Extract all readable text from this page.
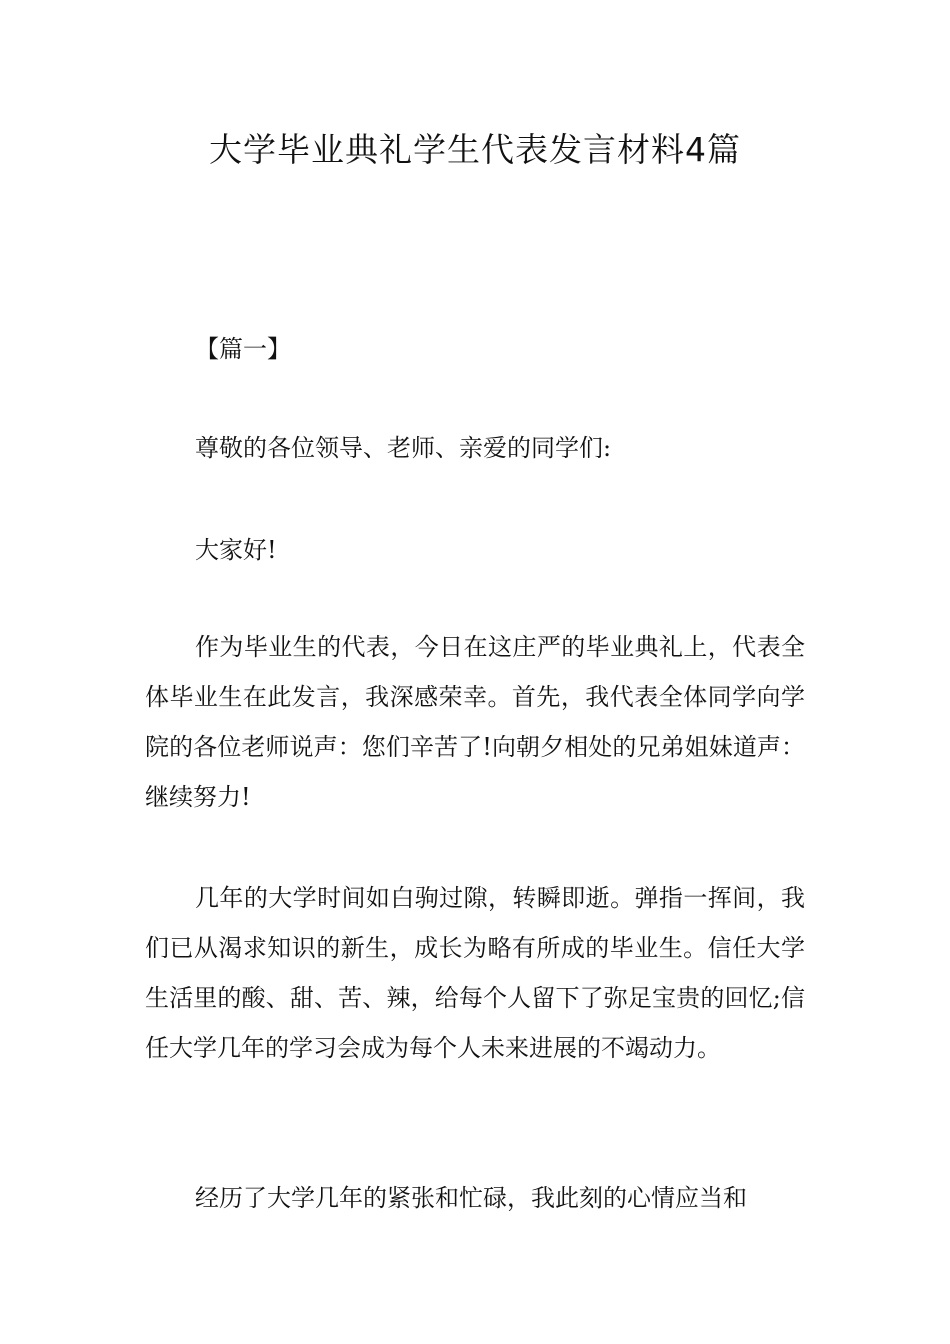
大学毕业典礼学生代表发言材料4篇

【篇一】

尊敬的各位领导、老师、亲爱的同学们:

大家好!

作为毕业生的代表，今日在这庄严的毕业典礼上，代表全体毕业生在此发言，我深感荣幸。首先，我代表全体同学向学院的各位老师说声：您们辛苦了!向朝夕相处的兄弟姐妹道声：继续努力!

几年的大学时间如白驹过隙，转瞬即逝。弹指一挥间，我们已从渴求知识的新生，成长为略有所成的毕业生。信任大学生活里的酸、甜、苦、辣，给每个人留下了弥足宝贵的回忆;信任大学几年的学习会成为每个人未来进展的不竭动力。

经历了大学几年的紧张和忙碌，我此刻的心情应当和
